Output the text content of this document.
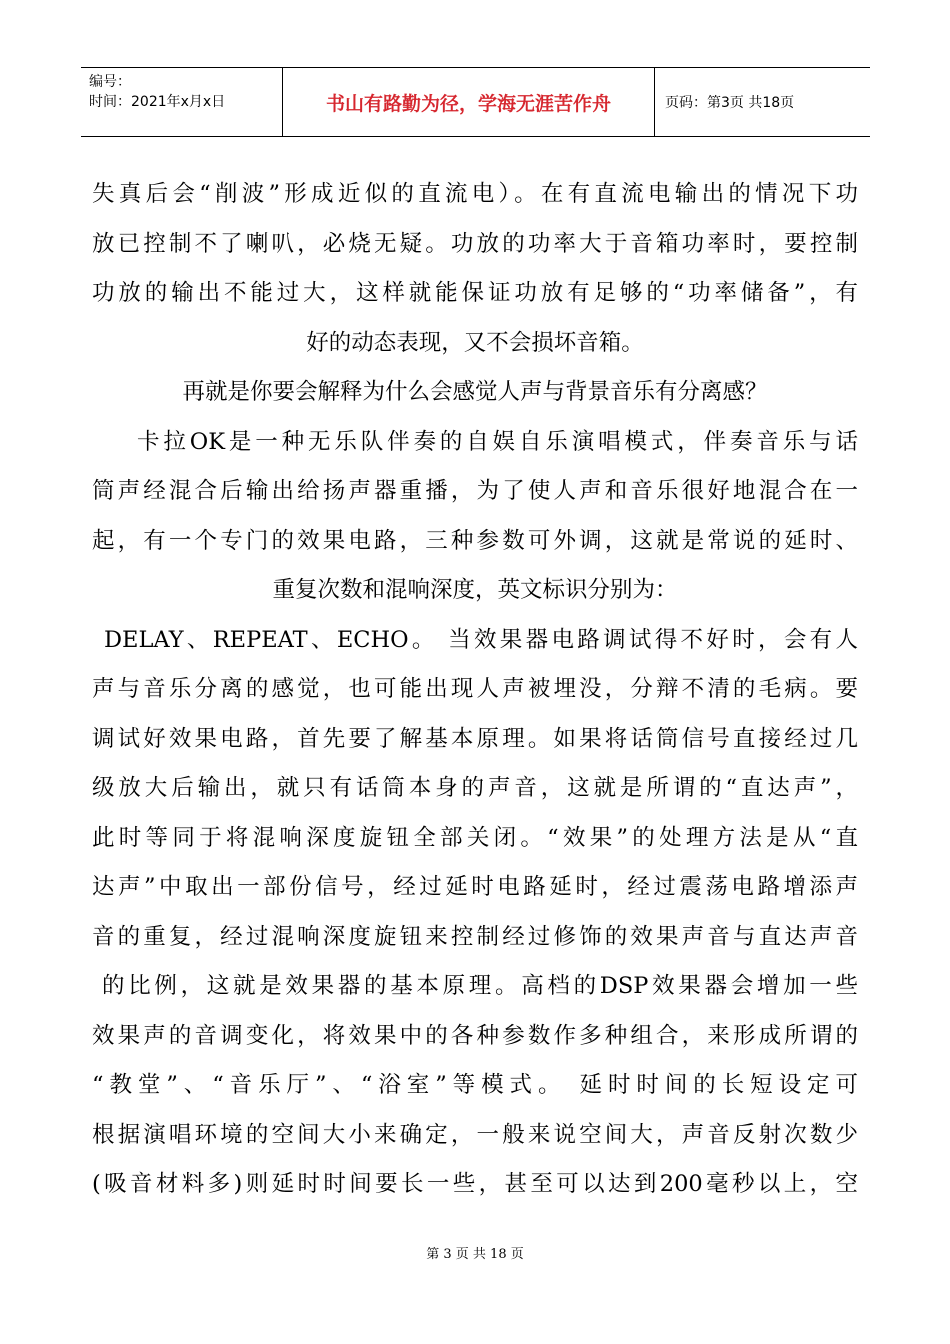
编号：
时间：2021年x月x日	书山有路勤为径，学海无涯苦作舟	页码：第3页 共18页
失真后会“削波”形成近似的直流电）。在有直流电输出的情况下功
放已控制不了喇叭，必烧无疑。功放的功率大于音箱功率时，要控制
功放的输出不能过大，这样就能保证功放有足够的“功率储备”，有
好的动态表现，又不会损坏音箱。
再就是你要会解释为什么会感觉人声与背景音乐有分离感？
卡拉OK是一种无乐队伴奏的自娱自乐演唱模式，伴奏音乐与话
筒声经混合后输出给扬声器重播，为了使人声和音乐很好地混合在一
起，有一个专门的效果电路，三种参数可外调，这就是常说的延时、
重复次数和混响深度，英文标识分别为：
DELAY、REPEAT、ECHO。 当效果器电路调试得不好时，会有人
声与音乐分离的感觉，也可能出现人声被埋没，分辩不清的毛病。要
调试好效果电路，首先要了解基本原理。如果将话筒信号直接经过几
级放大后输出，就只有话筒本身的声音，这就是所谓的“直达声”，
此时等同于将混响深度旋钮全部关闭。“效果”的处理方法是从“直
达声”中取出一部份信号，经过延时电路延时，经过震荡电路增添声
音的重复，经过混响深度旋钮来控制经过修饰的效果声音与直达声音
的比例，这就是效果器的基本原理。高档的DSP效果器会增加一些
效果声的音调变化，将效果中的各种参数作多种组合，来形成所谓的
“教堂”、“音乐厅”、“浴室”等模式。 延时时间的长短设定可
根据演唱环境的空间大小来确定，一般来说空间大，声音反射次数少
(吸音材料多)则延时时间要长一些，甚至可以达到200毫秒以上，空
第 3 页 共 18 页
